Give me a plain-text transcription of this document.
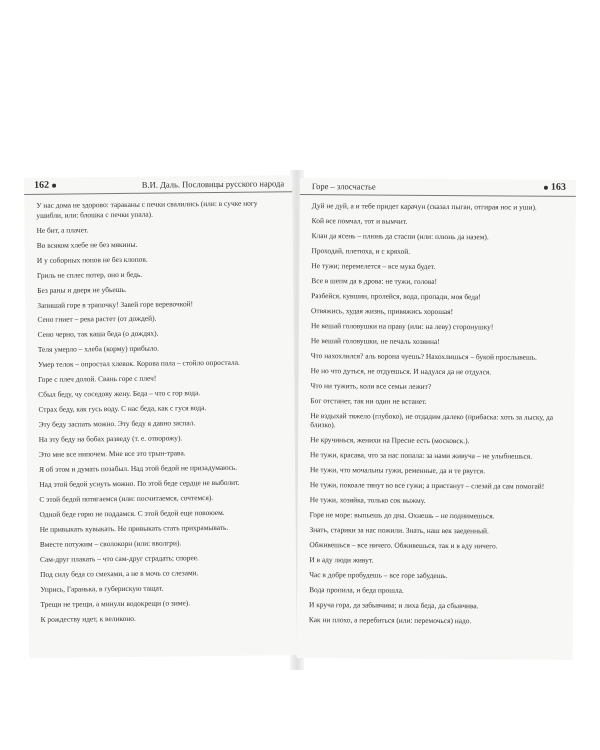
162	В.И. Даль. Пословицы русского народа
У нас дома не здорово: тараканы с печки свалились (или: в сучке ногу ушибли, или: блошка с печки упала).
Не бит, а плачет.
Во всяком хлебе не без мякины.
И у соборных попов не без клопов.
Гриль не сплес потер, оно и бедь.
Без раны и дверя не убьешь.
Запишай горе в трапочку! Завей горе веревочкой!
Сено гниет – река растет (от дождей).
Сено черно, так каша беда (о дождях).
Теля умерло – хлеба (корму) прибыло.
Умер телок – опростал хлевок. Корова пала – стойло опростала.
Горе с плеч долой. Свань горе с плеч!
Сбыл беду, чу соседову жену. Беда – что с гор вода.
Страх беду, как гусь воду. С нас беда, как с гуся вода.
Эту беду заспать можно. Эту беду я давно заспал.
На эту беду на бобах разведу (т. е. отворожу).
Это мне все нипочем. Мне все это трын-трава.
Я об этом и думать позабыл. Над этой бедой не призадумаюсь.
Над этой бедой уснуть можно. По этой беде сердце не выболит.
С этой бедой потягаемся (или: посчитаемся, сочтемся).
Одной беде горю не поддамся. С этой бедой еще повоюем.
Не привыкать кувыкать. Не привыкать стать прихрамывать.
Вместе потужим – сволокорн (или: вволгри).
Сам-друг плакать – что сам-друг страдать; спорее.
Под силу беда со смехами, а не в мочь со слезами.
Упрись, Гаранька, в губерискую тащат.
Трещи не трещи, а минули водокрещи (о зиме).
К рождеству идет, к великоно.
Горе – злосчастье	163
Дуй не дуй, а и тебе придет карачун (сказал пыган, отгирая нос и уши).
Кой все помчал, тот и вымчит.
Клан да ясень – плюнь да стаспи (или: плюнь да назем).
Проходай, плетюха, и с кряхой.
Не тужи; перемелется – все мука будет.
Все в шепм да в дрова: не тужи, голова!
Разбейся, кувшин, пролейся, вода, пропади, моя беда!
Отвяжись, худая жизнь, привяжись хорошая!
Не вешай головушки на праву (или: на леву) сторонушку!
Не вешай головушки, не печаль хозяина!
Что нахохлился? аль ворона чуешь? Нахохлишься – букой прослывешь.
Не но что дуться, не отдуешься. И надулся да не отдулся.
Что ни тужить, коли все семьи лежит?
Бог отстанет, так ни один не встанет.
Не вздыхай тяжело (глубоко), не отдадим далеко (прибаска: хоть за лыску, да близко).
Не кручинься, женихи на Пресне есть (московск.).
Не тужи, красава, что за нас попала: за нами живуча – не улыбнешься.
Не тужи, что мочальны гужи, ременные, да и те рвутся.
Не тужи, покоале тянут во все гужи; а пристанут – слезай да сам помогай!
Не тужи, хозяйка, только сок выжму.
Горе не море: выпьешь до дна. Охнешь – не поднимешься.
Знать, старики за нас пожили. Знать, наш век заеденный.
Обживешься – все ничего. Обживешься, так и в аду ничего.
И в аду люди живут.
Час в добре пробудешь – все горе забудешь.
Вода пропила, и беда прошла.
И круча гора, да забывчива; и лиха беда, да сбывчива.
Как ни плохо, а перебиться (или: перемочься) надо.
